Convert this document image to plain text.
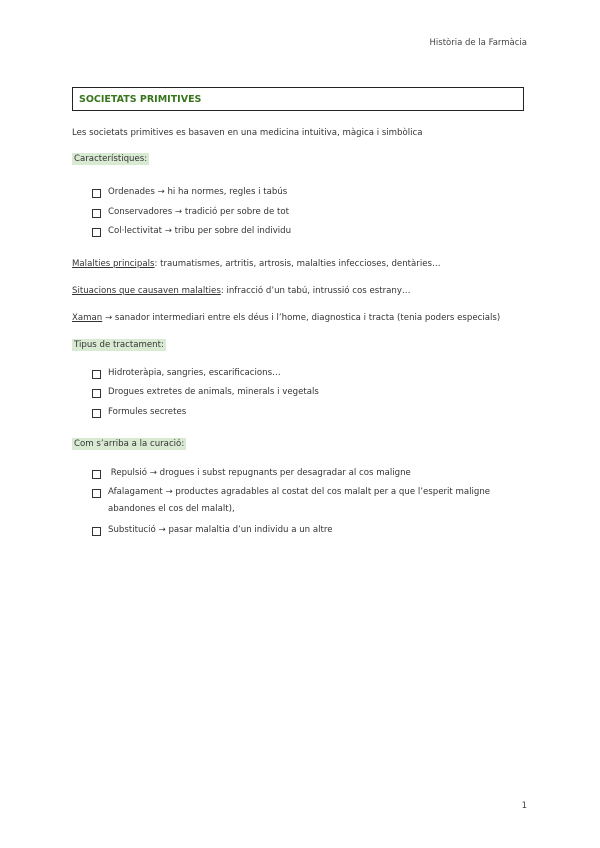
Història de la Farmàcia
SOCIETATS PRIMITIVES
Les societats primitives es basaven en una medicina intuitiva, màgica i simbòlica
Característiques:
Ordenades → hi ha normes, regles i tabús
Conservadores → tradició per sobre de tot
Col·lectivitat → tribu per sobre del individu
Malalties principals: traumatismes, artritis, artrosis, malalties infeccioses, dentàries…
Situacions que causaven malalties: infracció d’un tabú, intrussió cos estrany…
Xaman → sanador intermediari entre els déus i l’home, diagnostica i tracta (tenia poders especials)
Tipus de tractament:
Hidroteràpia, sangries, escarificacions…
Drogues extretes de animals, minerals i vegetals
Formules secretes
Com s’arriba a la curació:
Repulsió → drogues i subst repugnants per desagradar al cos maligne
Afalagament → productes agradables al costat del cos malalt per a que l’esperit maligne abandones el cos del malalt),
Substitució → pasar malaltia d’un individu a un altre
1
